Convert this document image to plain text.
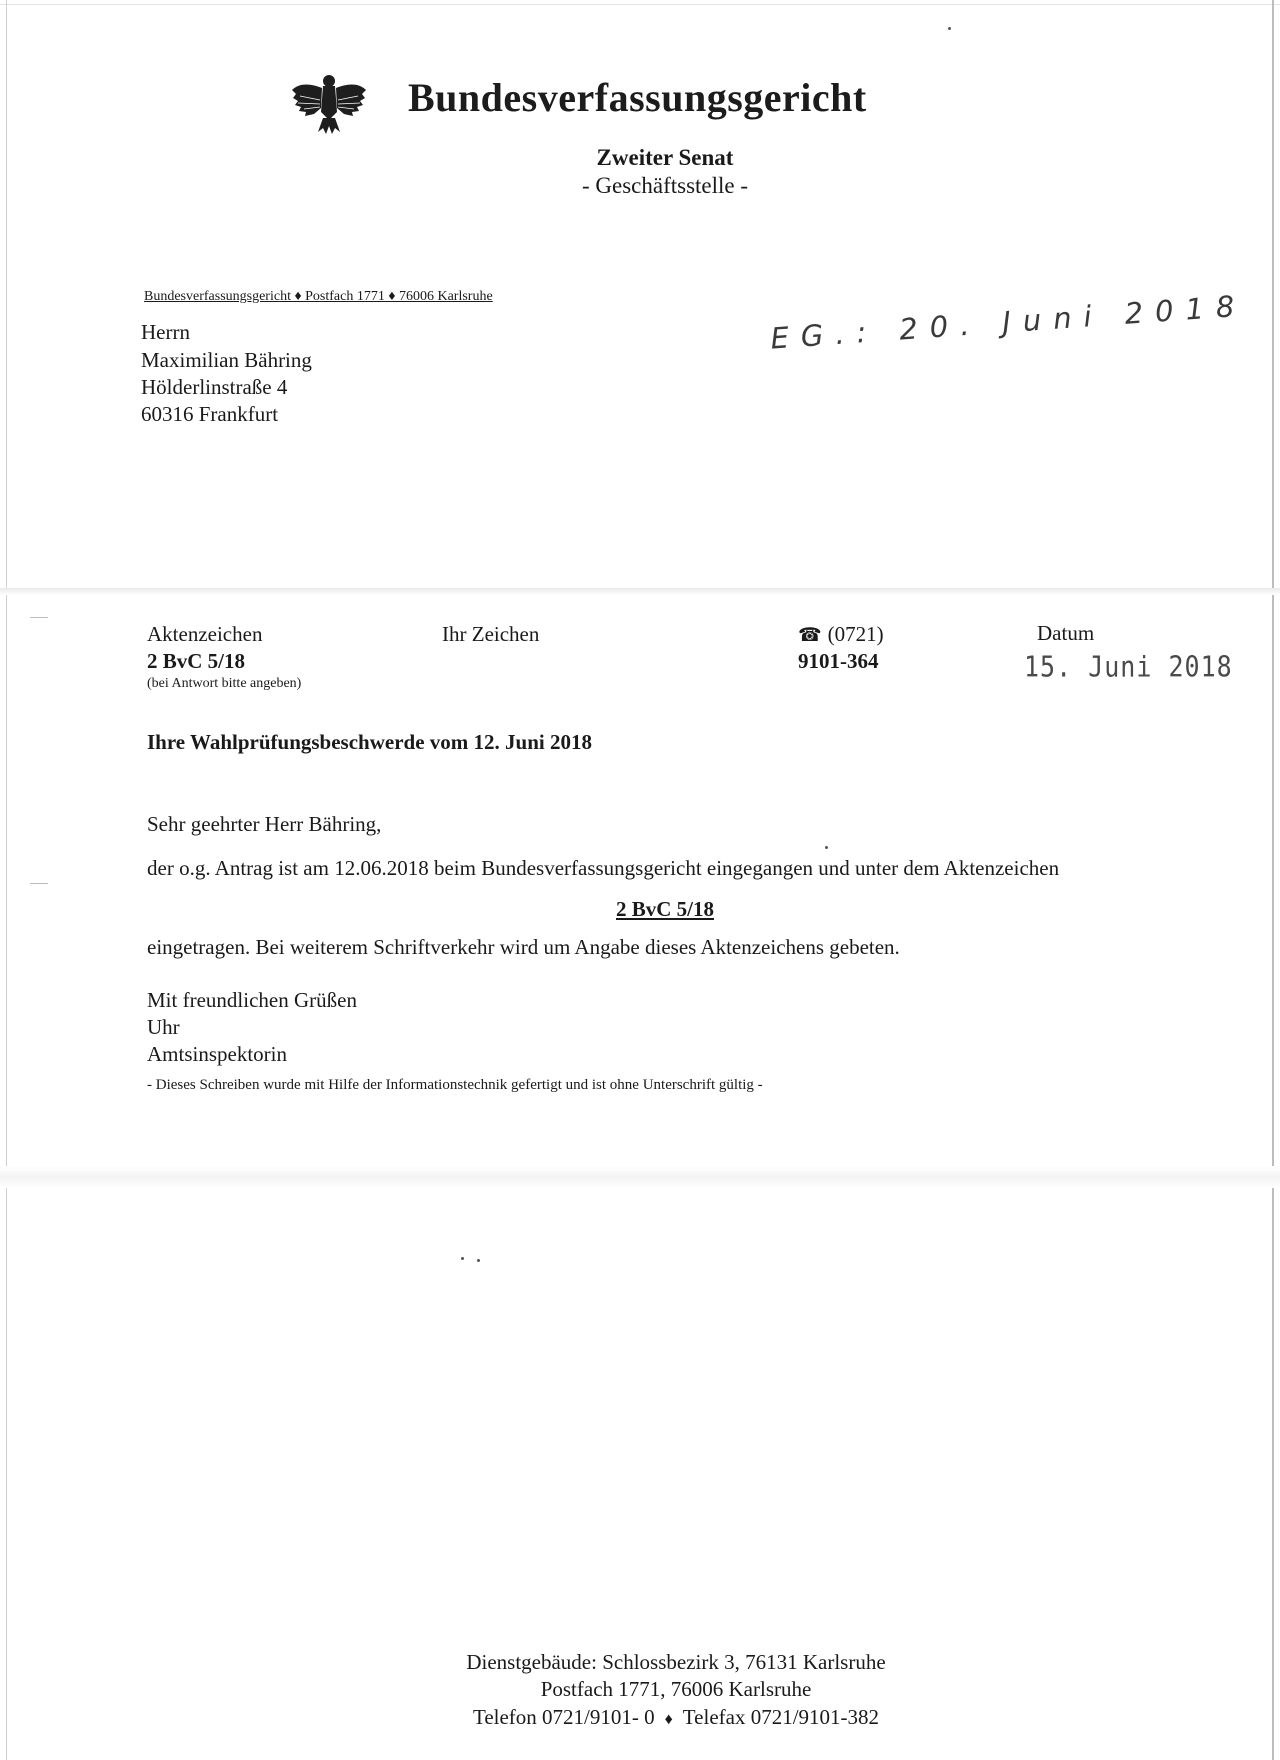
Bundesverfassungsgericht
Zweiter Senat
- Geschäftsstelle -
Bundesverfassungsgericht ♦ Postfach 1771 ♦ 76006 Karlsruhe
Herrn
Maximilian Bähring
Hölderlinstraße 4
60316 Frankfurt
EG.: 20. Juni 2018
Aktenzeichen
2 BvC 5/18
(bei Antwort bitte angeben)
Ihr Zeichen	☎ (0721)
9101-364
Datum
15. Juni 2018
Ihre Wahlprüfungsbeschwerde vom 12. Juni 2018
Sehr geehrter Herr Bähring,
der o.g. Antrag ist am 12.06.2018 beim Bundesverfassungsgericht eingegangen und unter dem Aktenzeichen
2 BvC 5/18
eingetragen. Bei weiterem Schriftverkehr wird um Angabe dieses Aktenzeichens gebeten.
Mit freundlichen Grüßen
Uhr
Amtsinspektorin
- Dieses Schreiben wurde mit Hilfe der Informationstechnik gefertigt und ist ohne Unterschrift gültig -
Dienstgebäude: Schlossbezirk 3, 76131 Karlsruhe
Postfach 1771, 76006 Karlsruhe
Telefon 0721/9101- 0 ♦ Telefax 0721/9101-382
